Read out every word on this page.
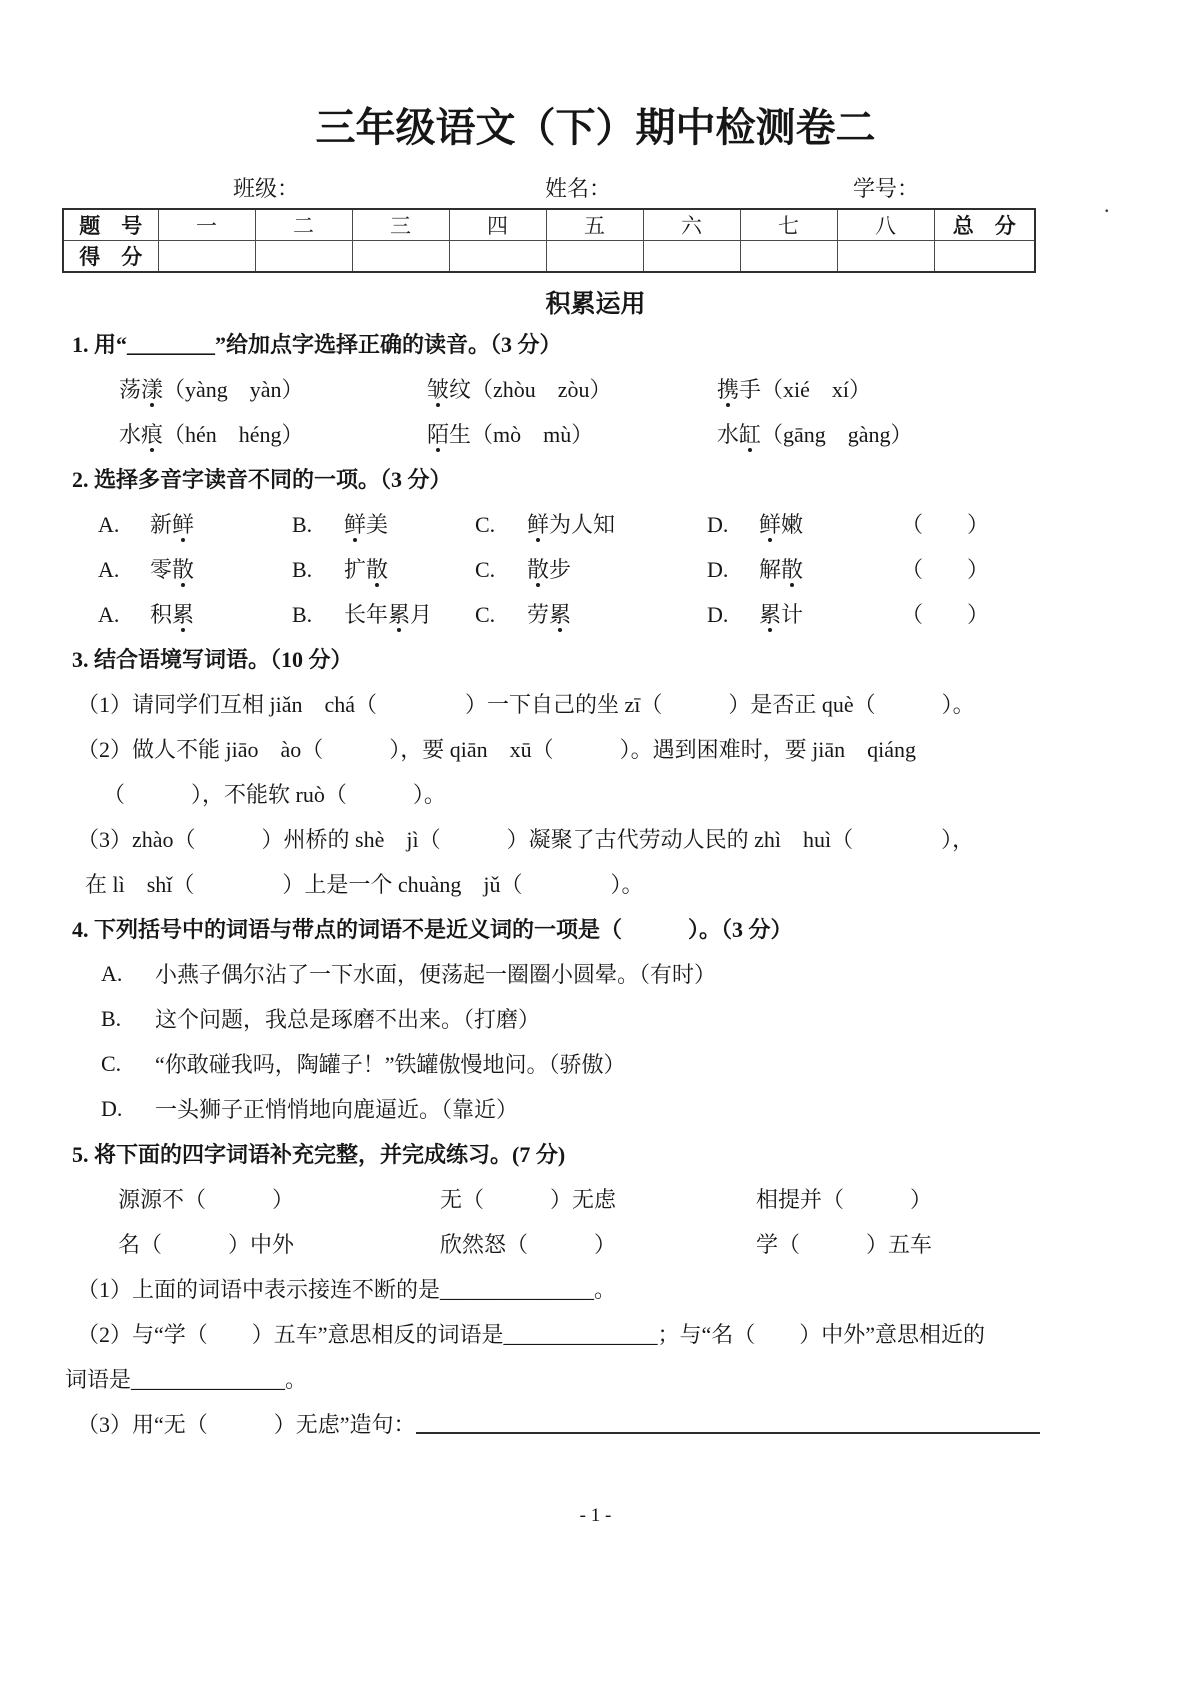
三年级语文（下）期中检测卷二
班级：	姓名：	学号：
.
题　号	一	二	三	四	五	六	七	八	总　分
得　分									
积累运用
1. 用“________”给加点字选择正确的读音。（3 分）
荡漾（yàng　yàn）	皱纹（zhòu　zòu）	携手（xié　xí）
水痕（hén　héng）	陌生（mò　mù）	水缸（gāng　gàng）
2. 选择多音字读音不同的一项。（3 分）
A. 新鲜	B. 鲜美	C. 鲜为人知	D. 鲜嫩	（　　）
A. 零散	B. 扩散	C. 散步	D. 解散	（　　）
A. 积累	B. 长年累月	C. 劳累	D. 累计	（　　）
3. 结合语境写词语。（10 分）
（1）请同学们互相 jiǎn　chá（　　　　）一下自己的坐 zī（　　　）是否正 què（　　　）。
（2）做人不能 jiāo　ào（　　　），要 qiān　xū（　　　）。遇到困难时，要 jiān　qiáng
（　　　），不能软 ruò（　　　）。
（3）zhào（　　　）州桥的 shè　jì（　　　）凝聚了古代劳动人民的 zhì　huì（　　　　），
在 lì　shǐ（　　　　）上是一个 chuàng　jǔ（　　　　）。
4. 下列括号中的词语与带点的词语不是近义词的一项是（　　　）。（3 分）
A.	小燕子偶尔沾了一下水面，便荡起一圈圈小圆晕。（有时）
B.	这个问题，我总是琢磨不出来。（打磨）
C.	“你敢碰我吗，陶罐子！”铁罐傲慢地问。（骄傲）
D.	一头狮子正悄悄地向鹿逼近。（靠近）
5. 将下面的四字词语补充完整，并完成练习。(7 分)
源源不（　　　）	无（　　　）无虑	相提并（　　　）
名（　　　）中外	欣然怒（　　　）	学（　　　）五车
（1）上面的词语中表示接连不断的是______________。
（2）与“学（　　）五车”意思相反的词语是______________；与“名（　　）中外”意思相近的
词语是______________。
（3）用“无（　　　）无虑”造句：
- 1 -
